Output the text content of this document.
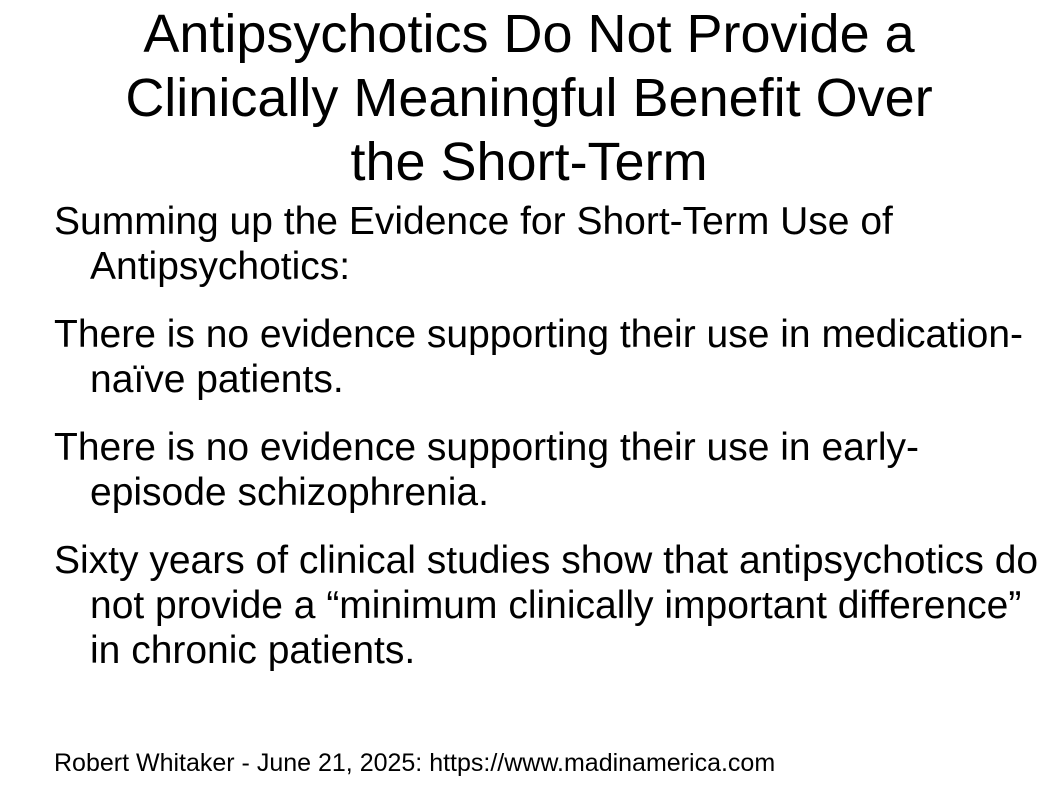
Antipsychotics Do Not Provide a
Clinically Meaningful Benefit Over
the Short-Term

Summing up the Evidence for Short-Term Use of Antipsychotics:

There is no evidence supporting their use in medication-naïve patients.

There is no evidence supporting their use in early-episode schizophrenia.

Sixty years of clinical studies show that antipsychotics do not provide a “minimum clinically important difference” in chronic patients.

Robert Whitaker - June 21, 2025: https://www.madinamerica.com
